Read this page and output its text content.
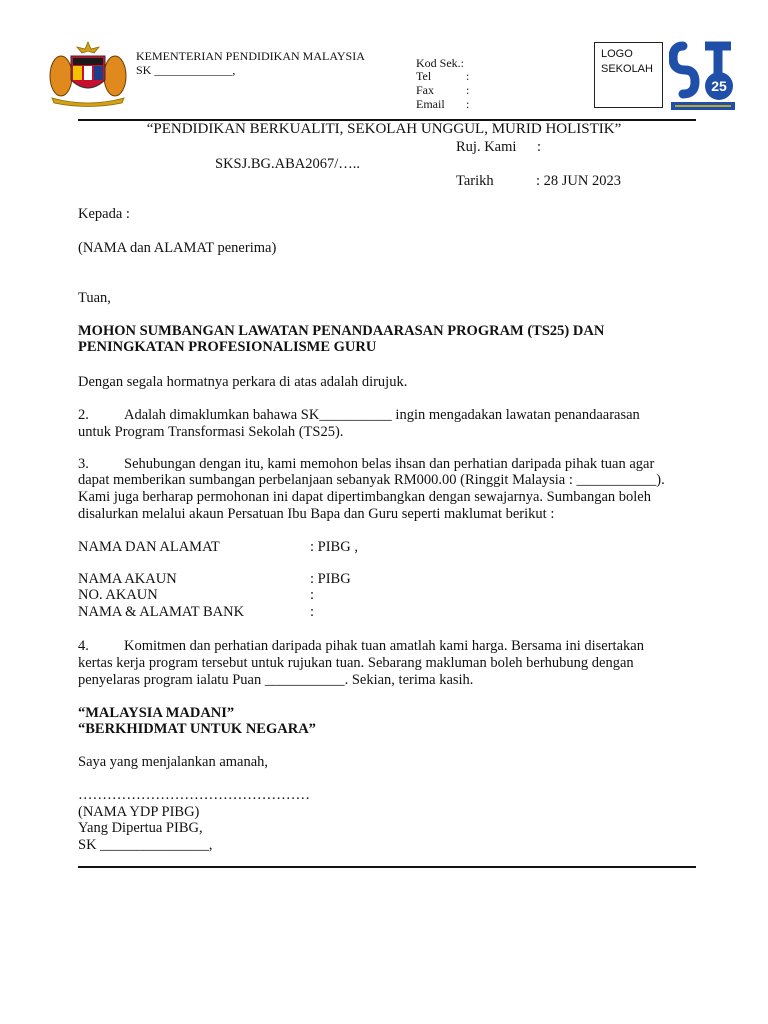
KEMENTERIAN PENDIDIKAN MALAYSIA
SK _____________,	Kod Sek.:
Tel	:
Fax	:
Email :
LOGO
SEKOLAH
25
“PENDIDIKAN BERKUALITI, SEKOLAH UNGGUL, MURID HOLISTIK”
Ruj. Kami :
SKSJ.BG.ABA2067/…..
Tarikh	: 28 JUN 2023
Kepada :
(NAMA dan ALAMAT penerima)
Tuan,
MOHON SUMBANGAN LAWATAN PENANDAARASAN PROGRAM (TS25) DAN
PENINGKATAN PROFESIONALISME GURU
Dengan segala hormatnya perkara di atas adalah dirujuk.
2. Adalah dimaklumkan bahawa SK__________ ingin mengadakan lawatan penandaarasan
untuk Program Transformasi Sekolah (TS25).
3. Sehubungan dengan itu, kami memohon belas ihsan dan perhatian daripada pihak tuan agar
dapat memberikan sumbangan perbelanjaan sebanyak RM000.00 (Ringgit Malaysia : ___________).
Kami juga berharap permohonan ini dapat dipertimbangkan dengan sewajarnya. Sumbangan boleh
disalurkan melalui akaun Persatuan Ibu Bapa dan Guru seperti maklumat berikut :
NAMA DAN ALAMAT	: PIBG ,
NAMA AKAUN	: PIBG
NO. AKAUN	:
NAMA & ALAMAT BANK	:
4. Komitmen dan perhatian daripada pihak tuan amatlah kami harga. Bersama ini disertakan
kertas kerja program tersebut untuk rujukan tuan. Sebarang makluman boleh berhubung dengan
penyelaras program ialatu Puan ___________. Sekian, terima kasih.
“MALAYSIA MADANI”
“BERKHIDMAT UNTUK NEGARA”
Saya yang menjalankan amanah,
…………………………………………
(NAMA YDP PIBG)
Yang Dipertua PIBG,
SK _______________,
